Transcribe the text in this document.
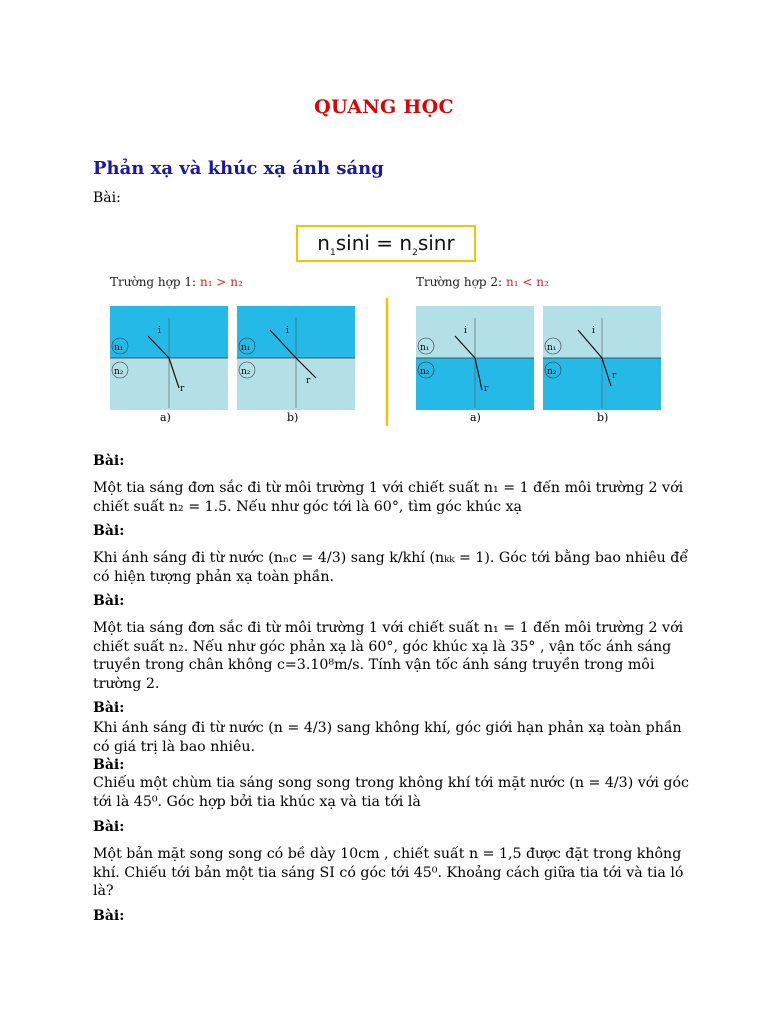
QUANG HỌC
Phản xạ và khúc xạ ánh sáng
Bài:
$n_1\sin i = n_2\sin r$
Trường hợp 1: n₁ > n₂	Trường hợp 2: n₁ < n₂
n₁
n₂
i
r
a)
n₁
n₂
i
r
b)
n₁
n₂
i
r
a)
n₁
n₂
i
r
b)
Bài:
Một tia sáng đơn sắc đi từ môi trường 1 với chiết suất n₁ = 1 đến môi trường 2 với chiết suất n₂ = 1.5. Nếu như góc tới là 60°, tìm góc khúc xạ
Bài:
Khi ánh sáng đi từ nước (nₙc = 4/3) sang k/khí (nₖₖ = 1). Góc tới bằng bao nhiêu để có hiện tượng phản xạ toàn phần.
Bài:
Một tia sáng đơn sắc đi từ môi trường 1 với chiết suất n₁ = 1 đến môi trường 2 với chiết suất n₂. Nếu như góc phản xạ là 60°, góc khúc xạ là 35° , vận tốc ánh sáng truyền trong chân không c=3.10⁸m/s. Tính vận tốc ánh sáng truyền trong môi trường 2.
Bài:
Khi ánh sáng đi từ nước (n = 4/3) sang không khí, góc giới hạn phản xạ toàn phần có giá trị là bao nhiêu.
Bài:
Chiếu một chùm tia sáng song song trong không khí tới mặt nước (n = 4/3) với góc tới là 45⁰. Góc hợp bởi tia khúc xạ và tia tới là
Bài:
Một bản mặt song song có bề dày 10cm , chiết suất n = 1,5 được đặt trong không khí. Chiếu tới bản một tia sáng SI có góc tới 45⁰. Khoảng cách giữa tia tới và tia ló là?
Bài:
